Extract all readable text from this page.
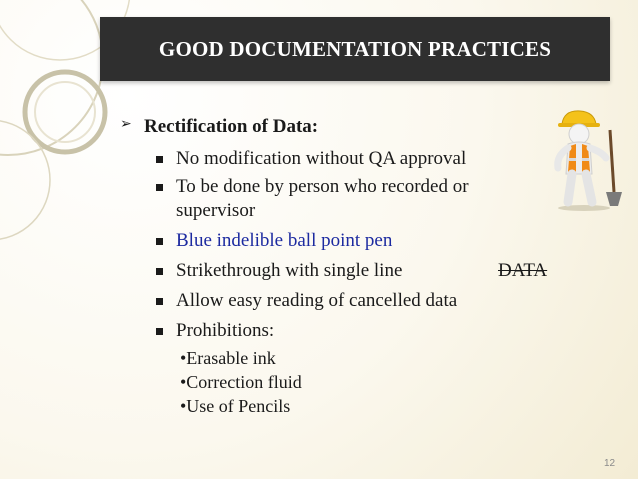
GOOD DOCUMENTATION PRACTICES
➢ Rectification of Data:
No modification without QA approval
To be done by person who recorded or
supervisor
Blue indelible ball point pen
Strikethrough with single line	DATA
Allow easy reading of cancelled data
Prohibitions:
•Erasable ink
•Correction fluid
•Use of Pencils
12
